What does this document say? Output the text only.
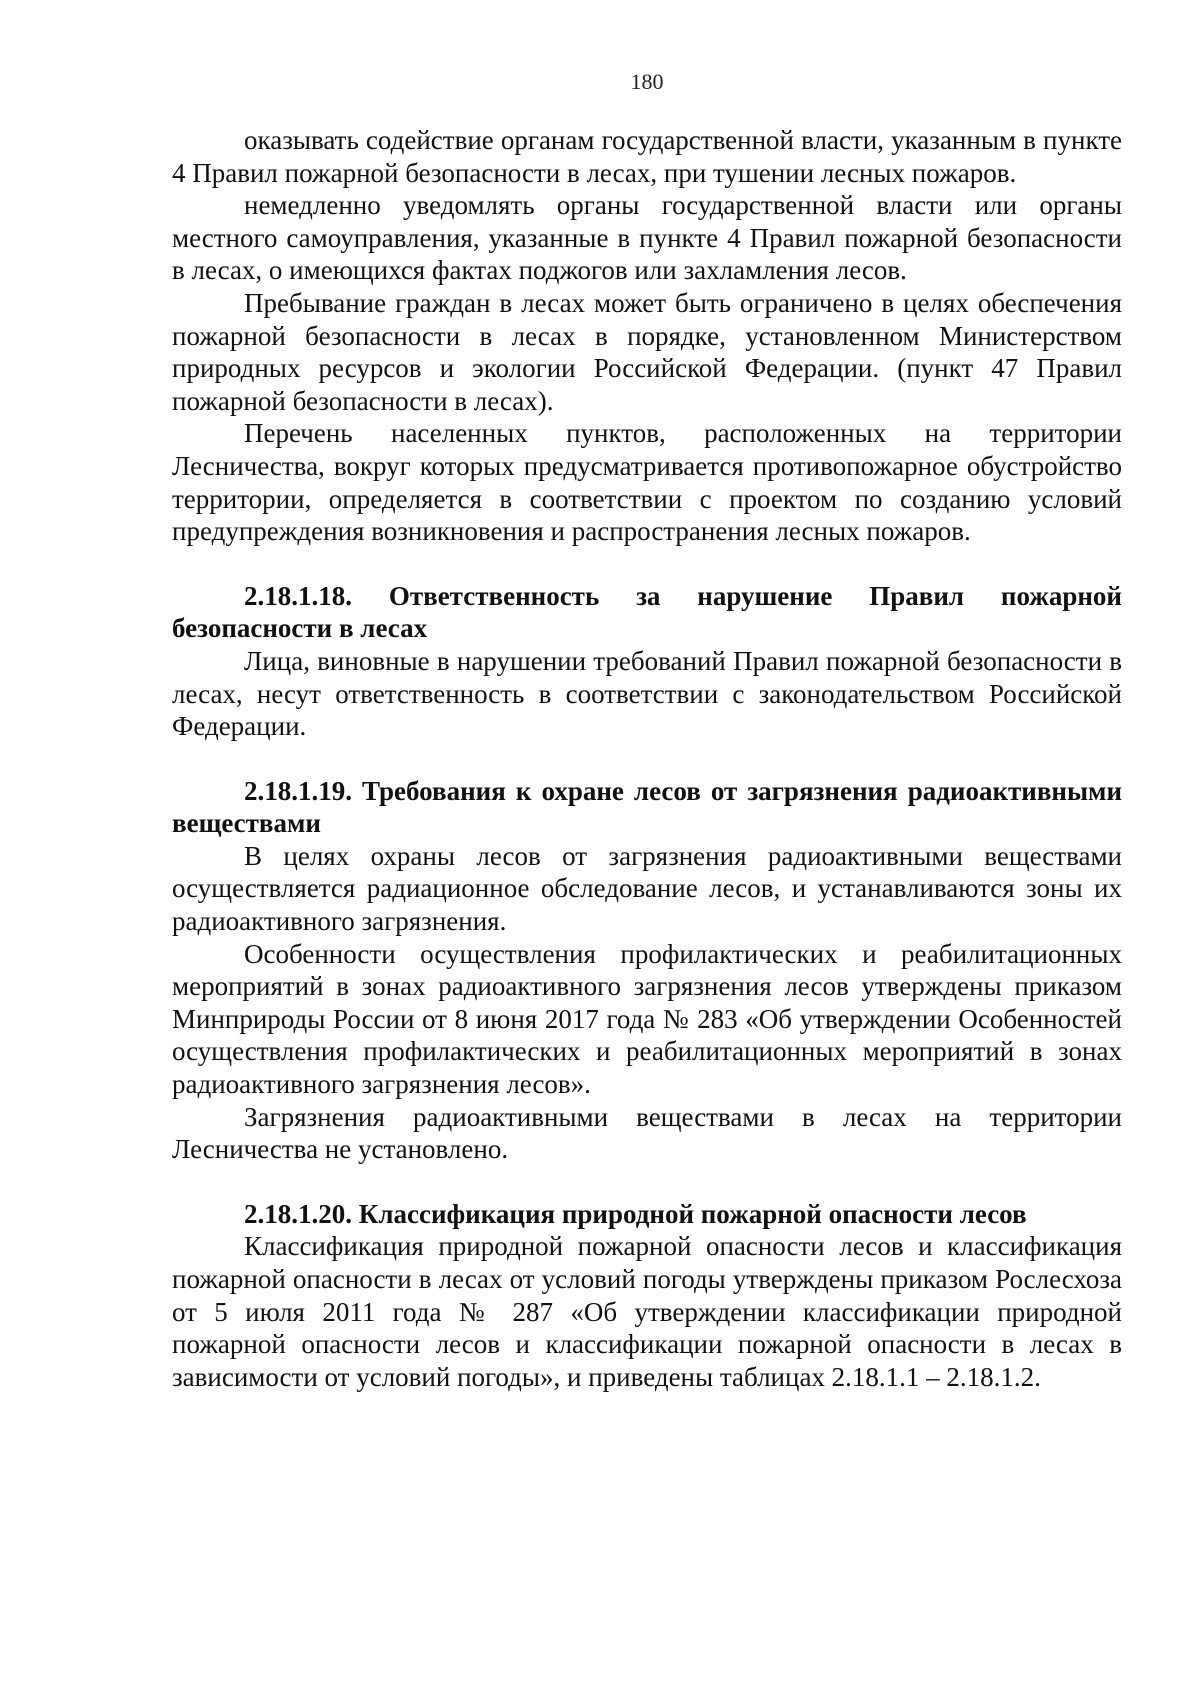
180

оказывать содействие органам государственной власти, указанным в пункте 4 Правил пожарной безопасности в лесах, при тушении лесных пожаров.

немедленно уведомлять органы государственной власти или органы местного самоуправления, указанные в пункте 4 Правил пожарной безопасности в лесах, о имеющихся фактах поджогов или захламления лесов.

Пребывание граждан в лесах может быть ограничено в целях обеспечения пожарной безопасности в лесах в порядке, установленном Министерством природных ресурсов и экологии Российской Федерации. (пункт 47 Правил пожарной безопасности в лесах).

Перечень населенных пунктов, расположенных на территории Лесничества, вокруг которых предусматривается противопожарное обустройство территории, определяется в соответствии с проектом по созданию условий предупреждения возникновения и распространения лесных пожаров.

2.18.1.18. Ответственность за нарушение Правил пожарной безопасности в лесах

Лица, виновные в нарушении требований Правил пожарной безопасности в лесах, несут ответственность в соответствии с законодательством Российской Федерации.

2.18.1.19. Требования к охране лесов от загрязнения радиоактивными веществами

В целях охраны лесов от загрязнения радиоактивными веществами осуществляется радиационное обследование лесов, и устанавливаются зоны их радиоактивного загрязнения.

Особенности осуществления профилактических и реабилитационных мероприятий в зонах радиоактивного загрязнения лесов утверждены приказом Минприроды России от 8 июня 2017 года № 283 «Об утверждении Особенностей осуществления профилактических и реабилитационных мероприятий в зонах радиоактивного загрязнения лесов».

Загрязнения радиоактивными веществами в лесах на территории Лесничества не установлено.

2.18.1.20. Классификация природной пожарной опасности лесов

Классификация природной пожарной опасности лесов и классификация пожарной опасности в лесах от условий погоды утверждены приказом Рослесхоза от 5 июля 2011 года № 287 «Об утверждении классификации природной пожарной опасности лесов и классификации пожарной опасности в лесах в зависимости от условий погоды», и приведены таблицах 2.18.1.1 – 2.18.1.2.
